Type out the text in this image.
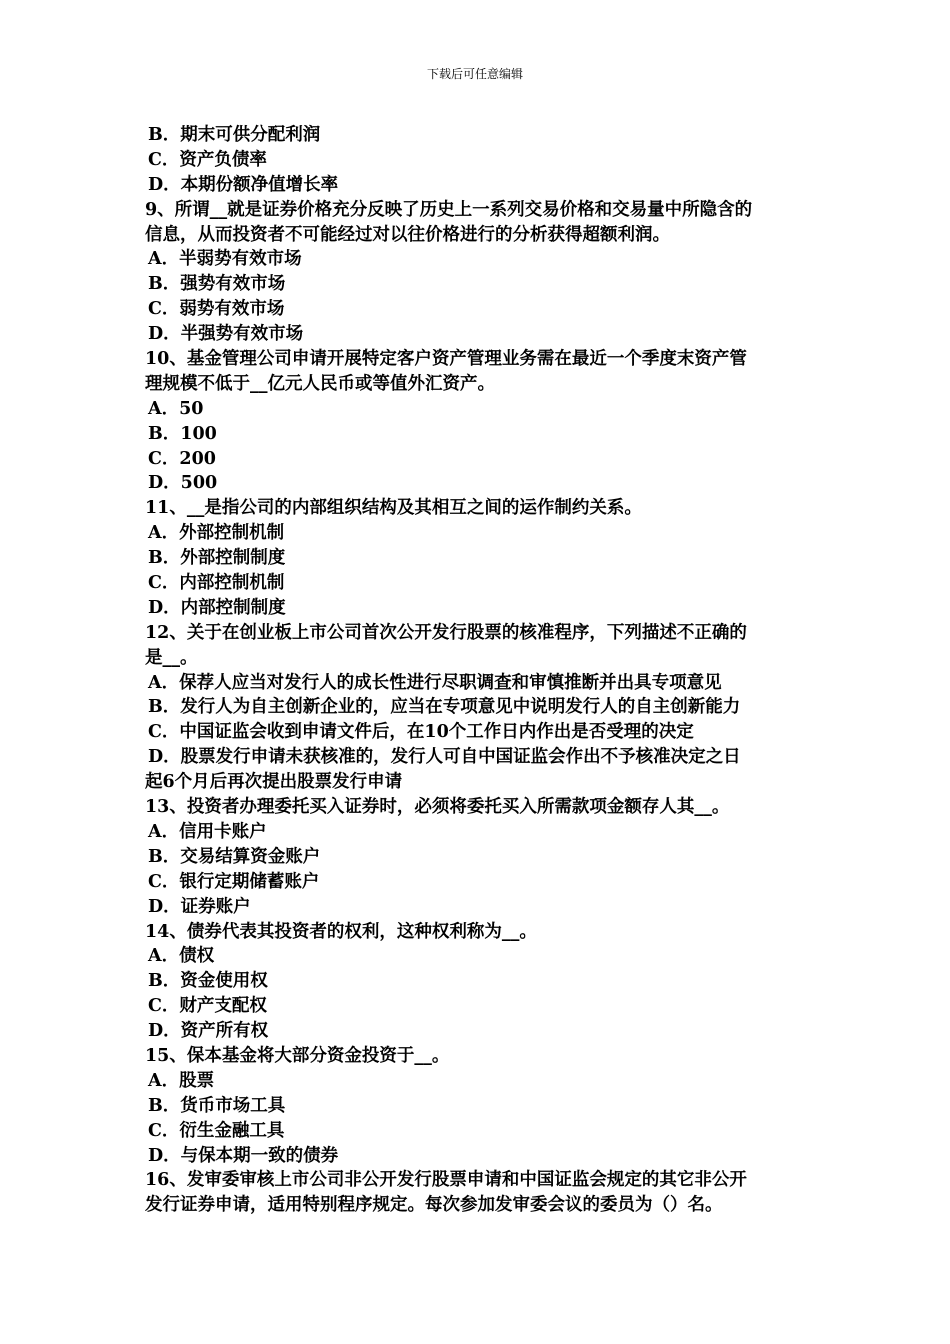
下载后可任意编辑
B．期末可供分配利润
C．资产负债率
D．本期份额净值增长率
9、所谓__就是证券价格充分反映了历史上一系列交易价格和交易量中所隐含的
信息，从而投资者不可能经过对以往价格进行的分析获得超额利润。
A．半弱势有效市场
B．强势有效市场
C．弱势有效市场
D．半强势有效市场
10、基金管理公司申请开展特定客户资产管理业务需在最近一个季度末资产管
理规模不低于__亿元人民币或等值外汇资产。
A．50
B．100
C．200
D．500
11、__是指公司的内部组织结构及其相互之间的运作制约关系。
A．外部控制机制
B．外部控制制度
C．内部控制机制
D．内部控制制度
12、关于在创业板上市公司首次公开发行股票的核准程序，下列描述不正确的
是__。
A．保荐人应当对发行人的成长性进行尽职调查和审慎推断并出具专项意见
B．发行人为自主创新企业的，应当在专项意见中说明发行人的自主创新能力
C．中国证监会收到申请文件后，在10个工作日内作出是否受理的决定
D．股票发行申请未获核准的，发行人可自中国证监会作出不予核准决定之日
起6个月后再次提出股票发行申请
13、投资者办理委托买入证券时，必须将委托买入所需款项金额存人其__。
A．信用卡账户
B．交易结算资金账户
C．银行定期储蓄账户
D．证券账户
14、债券代表其投资者的权利，这种权利称为__。
A．债权
B．资金使用权
C．财产支配权
D．资产所有权
15、保本基金将大部分资金投资于__。
A．股票
B．货币市场工具
C．衍生金融工具
D．与保本期一致的债券
16、发审委审核上市公司非公开发行股票申请和中国证监会规定的其它非公开
发行证券申请，适用特别程序规定。每次参加发审委会议的委员为（）名。
